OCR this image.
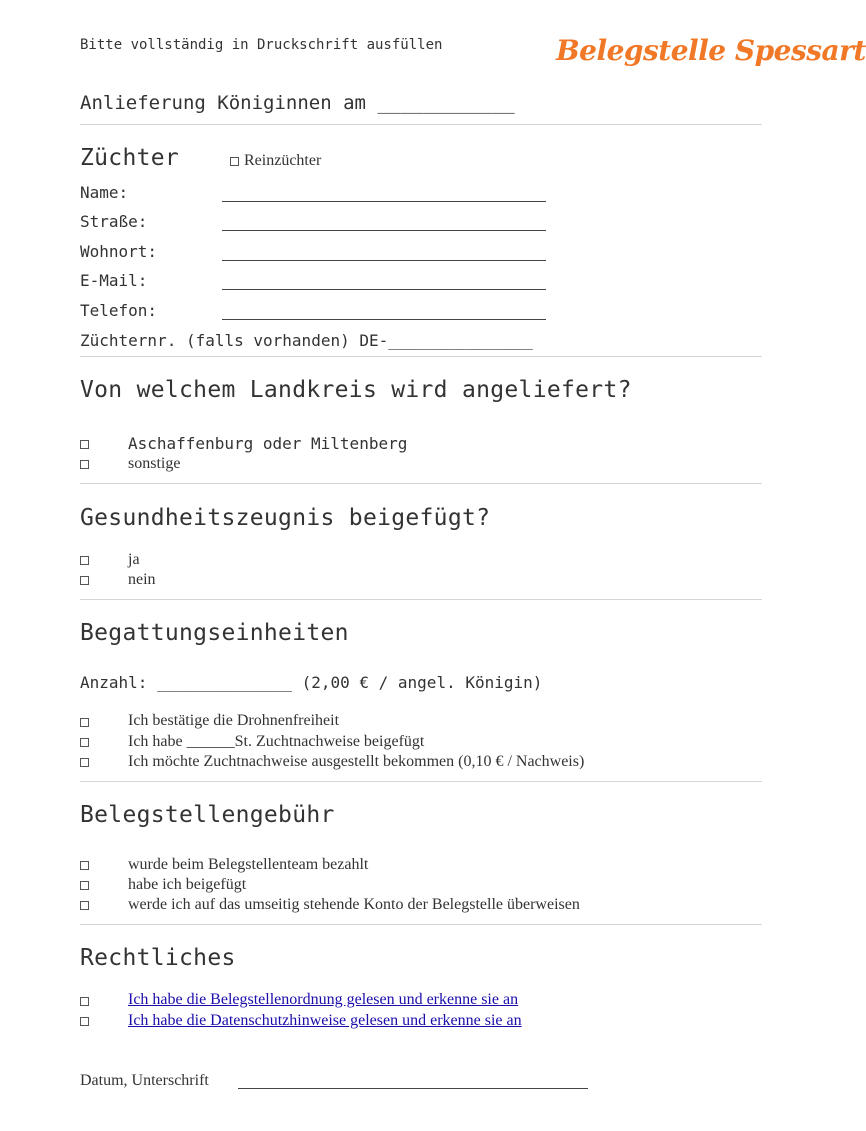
Bitte vollständig in Druckschrift ausfüllen	Belegstelle Spessart
Anlieferung Königinnen am ____________
Züchter	Reinzüchter
Name:
Straße:
Wohnort:
E-Mail:
Telefon:
Züchternr. (falls vorhanden) DE-_______________
Von welchem Landkreis wird angeliefert?
Aschaffenburg oder Miltenberg
sonstige
Gesundheitszeugnis beigefügt?
ja
nein
Begattungseinheiten
Anzahl: ______________ (2,00 € / angel. Königin)
Ich bestätige die Drohnenfreiheit
Ich habe ______St. Zuchtnachweise beigefügt
Ich möchte Zuchtnachweise ausgestellt bekommen (0,10 € / Nachweis)
Belegstellengebühr
wurde beim Belegstellenteam bezahlt
habe ich beigefügt
werde ich auf das umseitig stehende Konto der Belegstelle überweisen
Rechtliches
Ich habe die Belegstellenordnung gelesen und erkenne sie an
Ich habe die Datenschutzhinweise gelesen und erkenne sie an
Datum, Unterschrift
